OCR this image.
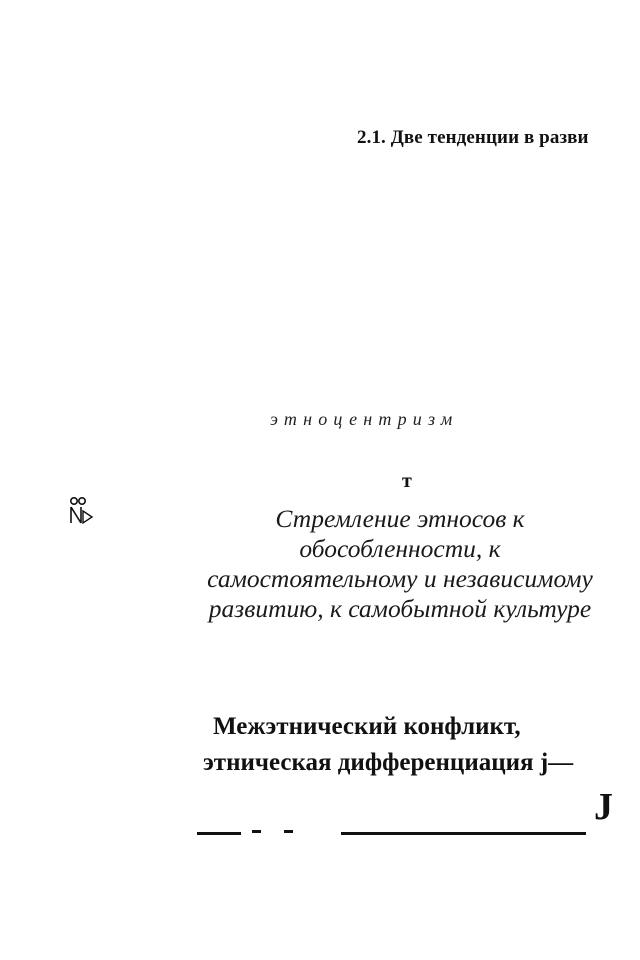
2.1. Две тенденции в разви
этноцентризм
т
Стремление этносов к
обособленности, к
самостоятельному и независимому
развитию, к самобытной культуре
Межэтнический конфликт,
этническая дифференциация j—
J
